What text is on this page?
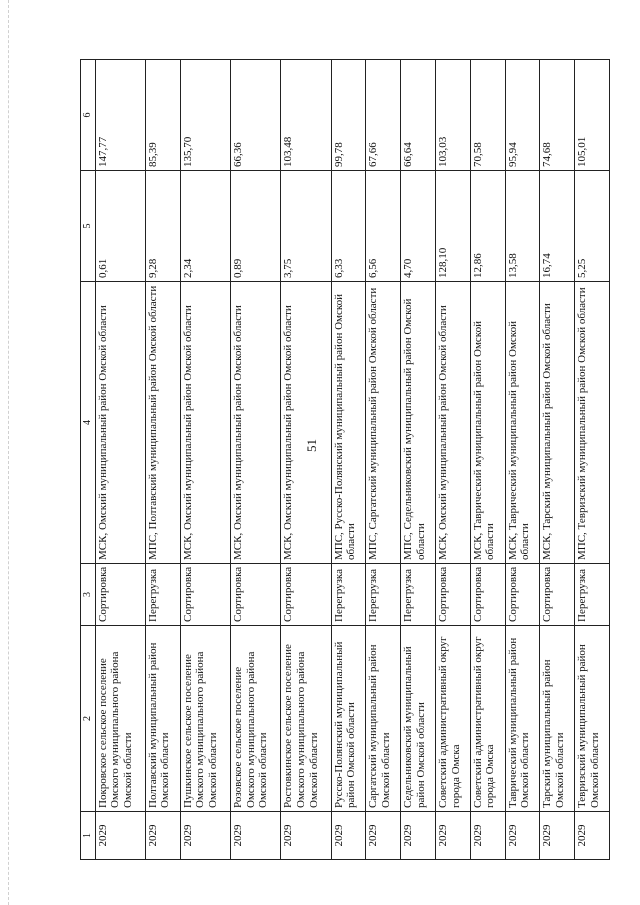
51
1	2	3	4	5	6
2029	Покровское сельское поселение Омского муниципального района Омской области	Сортировка	МСК, Омский муниципальный район Омской области	0,61	147,77
2029	Полтавский муниципальный район Омской области	Перегрузка	МПС, Полтавский муниципальный район Омской области	9,28	85,39
2029	Пушкинское сельское поселение Омского муниципального района Омской области	Сортировка	МСК, Омский муниципальный район Омской области	2,34	135,70
2029	Розовское сельское поселение Омского муниципального района Омской области	Сортировка	МСК, Омский муниципальный район Омской области	0,89	66,36
2029	Ростовкинское сельское поселение Омского муниципального района Омской области	Сортировка	МСК, Омский муниципальный район Омской области	3,75	103,48
2029	Русско-Полянский муниципальный район Омской области	Перегрузка	МПС, Русско-Полянский муниципальный район Омской области	6,33	99,78
2029	Саргатский муниципальный район Омской области	Перегрузка	МПС, Саргатский муниципальный район Омской области	6,56	67,66
2029	Седельниковский муниципальный район Омской области	Перегрузка	МПС, Седельниковский муниципальный район Омской области	4,70	66,64
2029	Советский административный округ города Омска	Сортировка	МСК, Омский муниципальный район Омской области	128,10	103,03
2029	Советский административный округ города Омска	Сортировка	МСК, Таврический муниципальный район Омской области	12,86	70,58
2029	Таврический муниципальный район Омской области	Сортировка	МСК, Таврический муниципальный район Омской области	13,58	95,94
2029	Тарский муниципальный район Омской области	Сортировка	МСК, Тарский муниципальный район Омской области	16,74	74,68
2029	Тевризский муниципальный район Омской области	Перегрузка	МПС, Тевризский муниципальный район Омской области	5,25	105,01
